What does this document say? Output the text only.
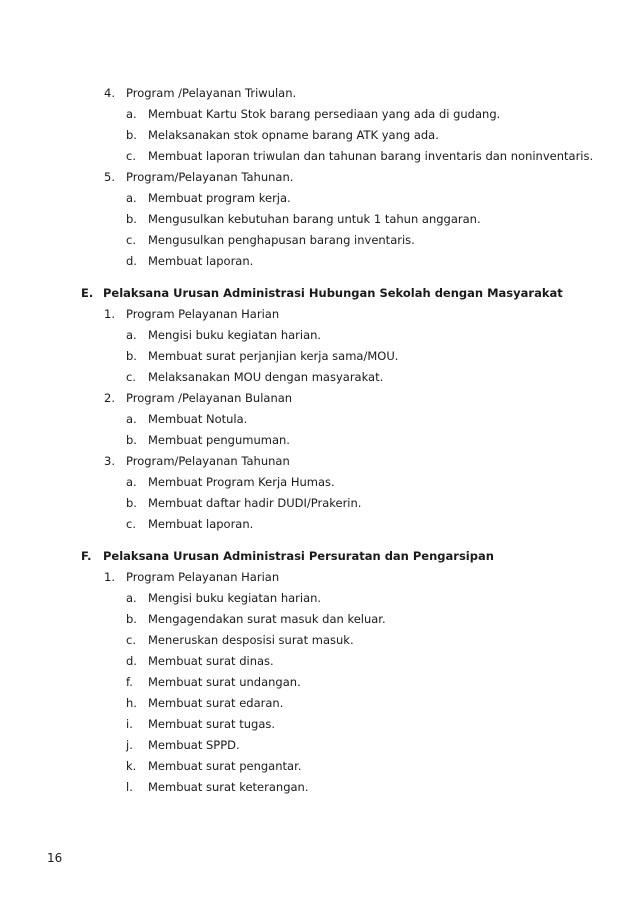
4. Program /Pelayanan Triwulan.
a. Membuat Kartu Stok barang persediaan yang ada di gudang.
b. Melaksanakan stok opname barang ATK yang ada.
c. Membuat laporan triwulan dan tahunan barang inventaris dan noninventaris.
5. Program/Pelayanan Tahunan.
a. Membuat program kerja.
b. Mengusulkan kebutuhan barang untuk 1 tahun anggaran.
c. Mengusulkan penghapusan barang inventaris.
d. Membuat laporan.
E. Pelaksana Urusan Administrasi Hubungan Sekolah dengan Masyarakat
1. Program Pelayanan Harian
a. Mengisi buku kegiatan harian.
b. Membuat surat perjanjian kerja sama/MOU.
c. Melaksanakan MOU dengan masyarakat.
2. Program /Pelayanan Bulanan
a. Membuat Notula.
b. Membuat pengumuman.
3. Program/Pelayanan Tahunan
a. Membuat Program Kerja Humas.
b. Membuat daftar hadir DUDI/Prakerin.
c. Membuat laporan.
F. Pelaksana Urusan Administrasi Persuratan dan Pengarsipan
1. Program Pelayanan Harian
a. Mengisi buku kegiatan harian.
b. Mengagendakan surat masuk dan keluar.
c. Meneruskan desposisi surat masuk.
d. Membuat surat dinas.
f. Membuat surat undangan.
h. Membuat surat edaran.
i. Membuat surat tugas.
j. Membuat SPPD.
k. Membuat surat pengantar.
l. Membuat surat keterangan.
16
